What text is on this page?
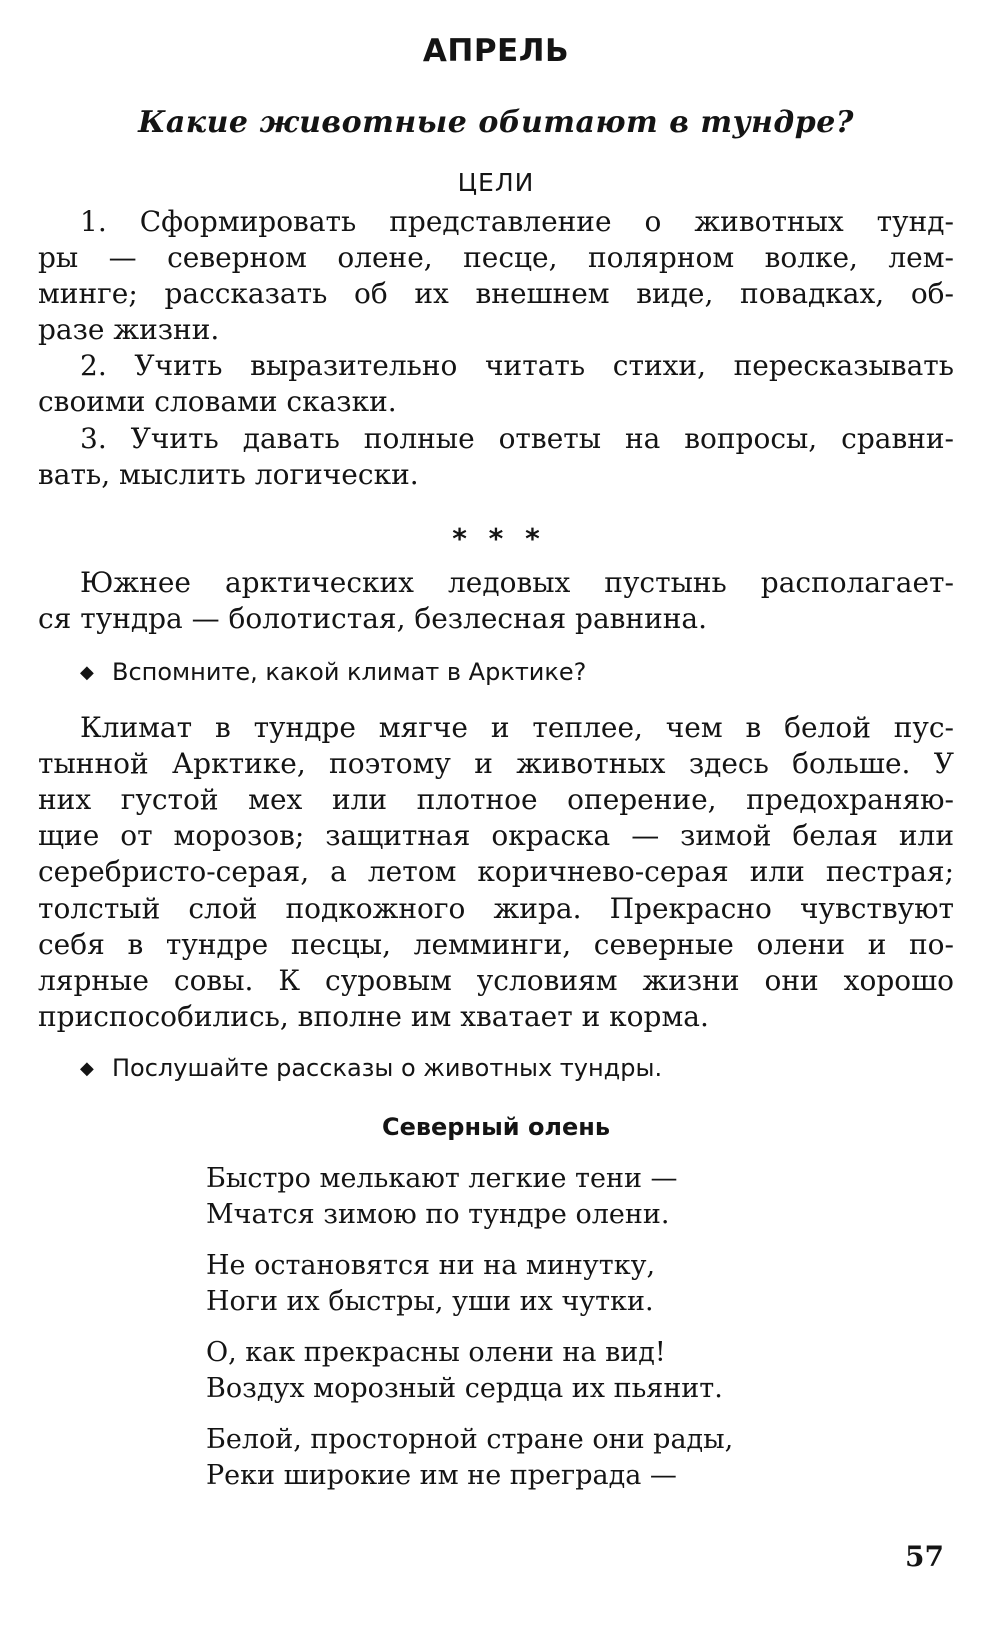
АПРЕЛЬ
Какие животные обитают в тундре?
ЦЕЛИ
1. Сформировать представление о животных тунд-
ры — северном олене, песце, полярном волке, лем-
минге; рассказать об их внешнем виде, повадках, об-
разе жизни.
2. Учить выразительно читать стихи, пересказывать
своими словами сказки.
3. Учить давать полные ответы на вопросы, сравни-
вать, мыслить логически.
* * *
Южнее арктических ледовых пустынь располагает-
ся тундра — болотистая, безлесная равнина.
◆ Вспомните, какой климат в Арктике?
Климат в тундре мягче и теплее, чем в белой пус-
тынной Арктике, поэтому и животных здесь больше. У
них густой мех или плотное оперение, предохраняю-
щие от морозов; защитная окраска — зимой белая или
серебристо-серая, а летом коричнево-серая или пестрая;
толстый слой подкожного жира. Прекрасно чувствуют
себя в тундре песцы, лемминги, северные олени и по-
лярные совы. К суровым условиям жизни они хорошо
приспособились, вполне им хватает и корма.
◆ Послушайте рассказы о животных тундры.
Северный олень
Быстро мелькают легкие тени —
Мчатся зимою по тундре олени.
Не остановятся ни на минутку,
Ноги их быстры, уши их чутки.
О, как прекрасны олени на вид!
Воздух морозный сердца их пьянит.
Белой, просторной стране они рады,
Реки широкие им не преграда —
57
